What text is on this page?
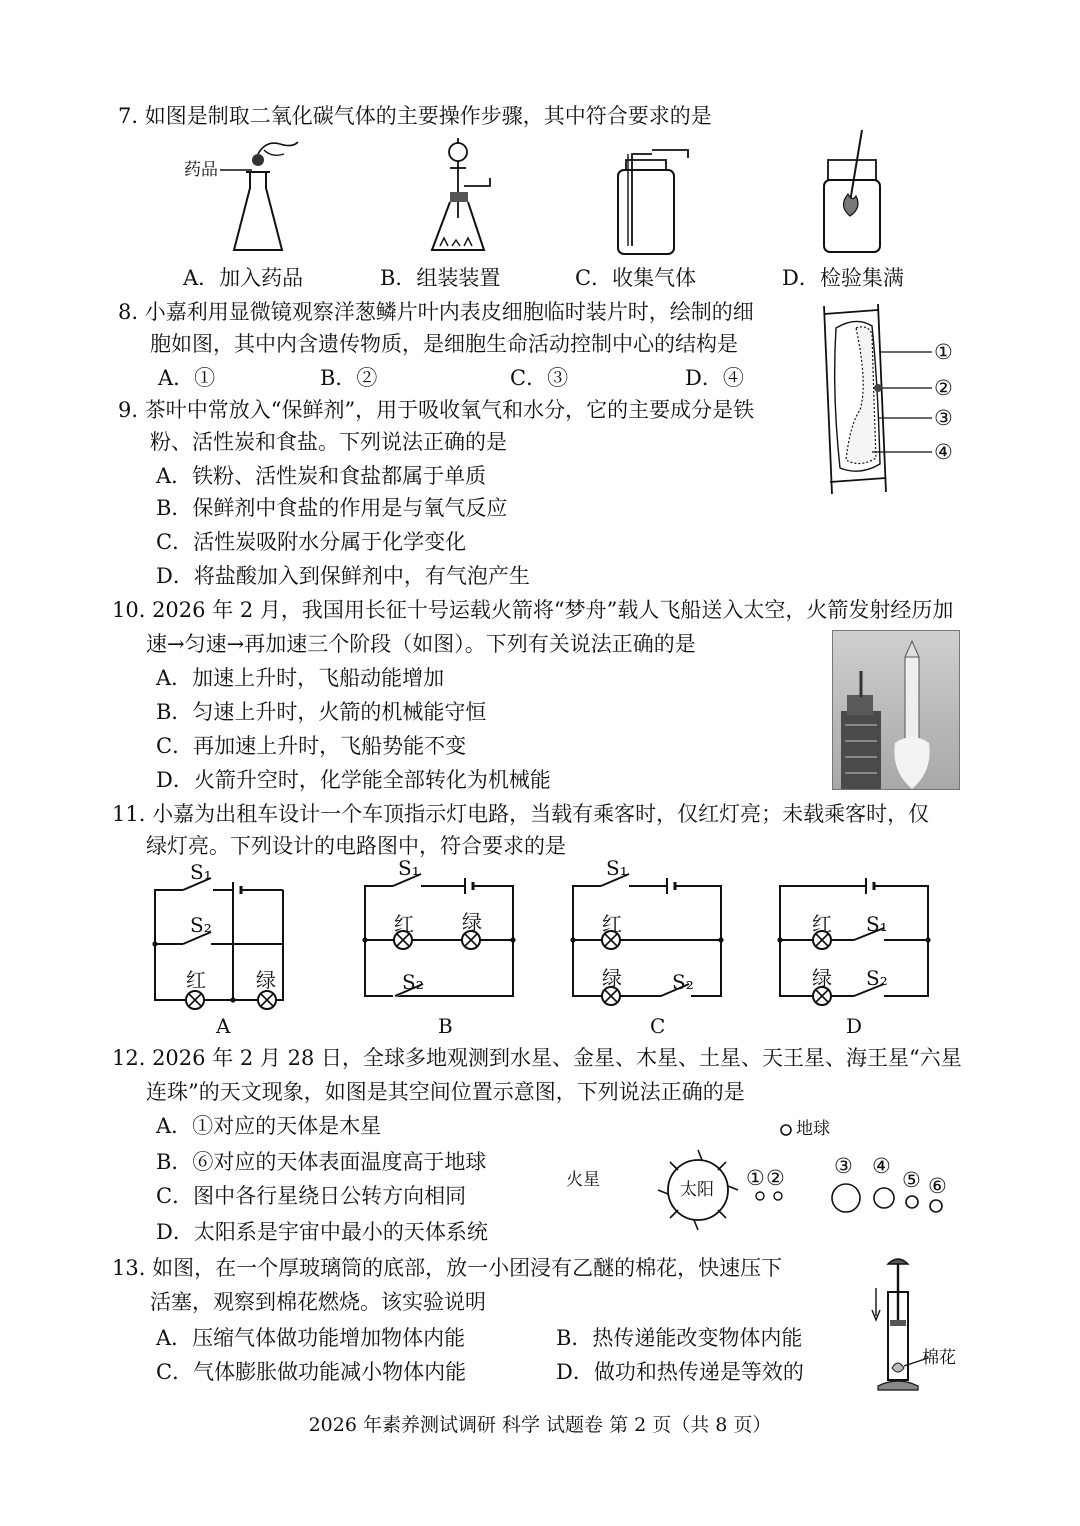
7. 如图是制取二氧化碳气体的主要操作步骤，其中符合要求的是
药品
A．加入药品	B．组装装置	C．收集气体	D．检验集满
8. 小嘉利用显微镜观察洋葱鳞片叶内表皮细胞临时装片时，绘制的细
胞如图，其中内含遗传物质，是细胞生命活动控制中心的结构是
A．①	B．②	C．③	D．④
①
②
③
④
9. 茶叶中常放入“保鲜剂”，用于吸收氧气和水分，它的主要成分是铁
粉、活性炭和食盐。下列说法正确的是
A．铁粉、活性炭和食盐都属于单质
B．保鲜剂中食盐的作用是与氧气反应
C．活性炭吸附水分属于化学变化
D．将盐酸加入到保鲜剂中，有气泡产生
10. 2026 年 2 月，我国用长征十号运载火箭将“梦舟”载人飞船送入太空，火箭发射经历加
速→匀速→再加速三个阶段（如图）。下列有关说法正确的是
A．加速上升时，飞船动能增加
B．匀速上升时，火箭的机械能守恒
C．再加速上升时，飞船势能不变
D．火箭升空时，化学能全部转化为机械能
11. 小嘉为出租车设计一个车顶指示灯电路，当载有乘客时，仅红灯亮；未载乘客时，仅
绿灯亮。下列设计的电路图中，符合要求的是
S₁
S₂
红	绿
A
S₁
红 绿
S₂
B
S₁
红
绿	S₂
C
红 S₁
绿 S₂
D
12. 2026 年 2 月 28 日，全球多地观测到水星、金星、木星、土星、天王星、海王星“六星
连珠”的天文现象，如图是其空间位置示意图，下列说法正确的是
A．①对应的天体是木星
B．⑥对应的天体表面温度高于地球
C．图中各行星绕日公转方向相同
D．太阳系是宇宙中最小的天体系统
地球
火星	太阳 ① ② ③ ④
⑤ ⑥
13. 如图，在一个厚玻璃筒的底部，放一小团浸有乙醚的棉花，快速压下
活塞，观察到棉花燃烧。该实验说明
A．压缩气体做功能增加物体内能	B．热传递能改变物体内能
C．气体膨胀做功能减小物体内能	D．做功和热传递是等效的
棉花
2026 年素养测试调研 科学 试题卷 第 2 页（共 8 页）
